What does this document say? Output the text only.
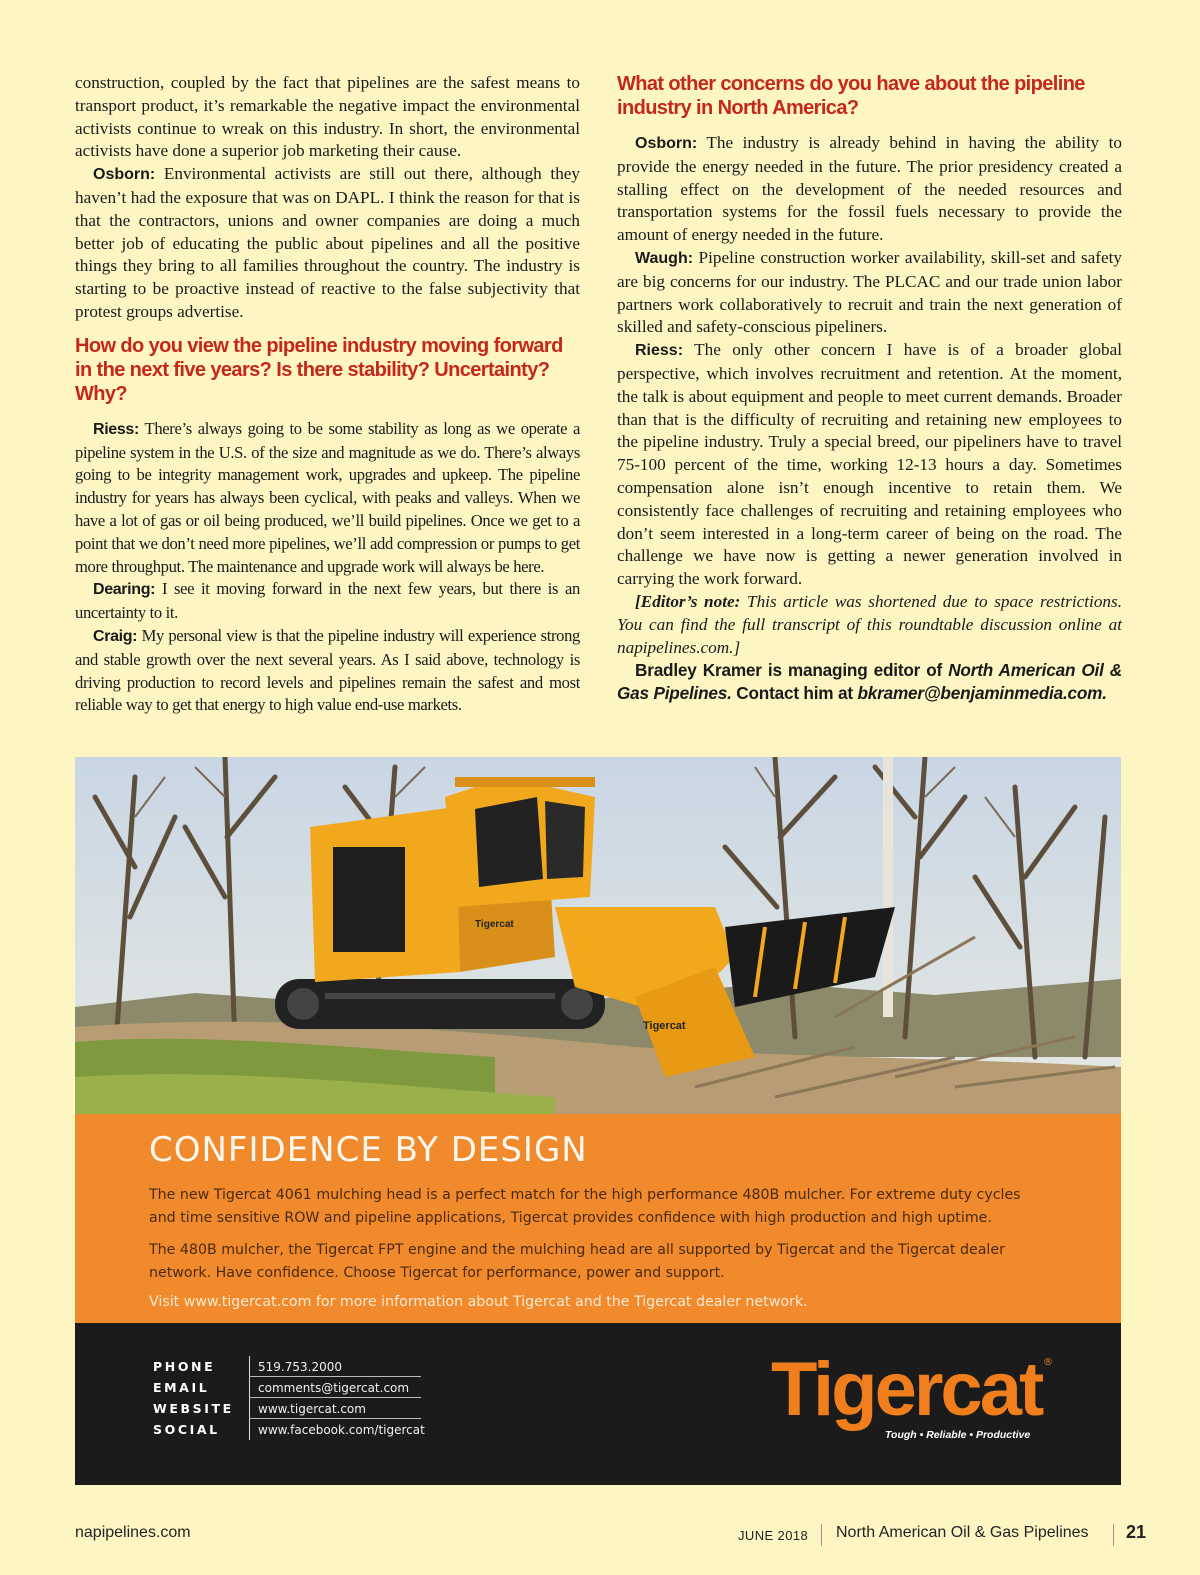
construction, coupled by the fact that pipelines are the safest means to transport product, it’s remarkable the negative impact the environmental activists continue to wreak on this industry. In short, the environmental activists have done a superior job marketing their cause.

Osborn: Environmental activists are still out there, although they haven’t had the exposure that was on DAPL. I think the reason for that is that the contractors, unions and owner companies are doing a much better job of educating the public about pipelines and all the positive things they bring to all families throughout the country. The industry is starting to be proactive instead of reactive to the false subjectivity that protest groups advertise.

How do you view the pipeline industry moving forward in the next five years? Is there stability? Uncertainty? Why?

Riess: There’s always going to be some stability as long as we operate a pipeline system in the U.S. of the size and magnitude as we do. There’s always going to be integrity management work, upgrades and upkeep. The pipeline industry for years has always been cyclical, with peaks and valleys. When we have a lot of gas or oil being produced, we’ll build pipelines. Once we get to a point that we don’t need more pipelines, we’ll add compression or pumps to get more throughput. The maintenance and upgrade work will always be here.

Dearing: I see it moving forward in the next few years, but there is an uncertainty to it.

Craig: My personal view is that the pipeline industry will experience strong and stable growth over the next several years. As I said above, technology is driving production to record levels and pipelines remain the safest and most reliable way to get that energy to high value end-use markets.

What other concerns do you have about the pipeline industry in North America?

Osborn: The industry is already behind in having the ability to provide the energy needed in the future. The prior presidency created a stalling effect on the development of the needed resources and transportation systems for the fossil fuels necessary to provide the amount of energy needed in the future.

Waugh: Pipeline construction worker availability, skill-set and safety are big concerns for our industry. The PLCAC and our trade union labor partners work collaboratively to recruit and train the next generation of skilled and safety-conscious pipeliners.

Riess: The only other concern I have is of a broader global perspective, which involves recruitment and retention. At the moment, the talk is about equipment and people to meet current demands. Broader than that is the difficulty of recruiting and retaining new employees to the pipeline industry. Truly a special breed, our pipeliners have to travel 75-100 percent of the time, working 12-13 hours a day. Sometimes compensation alone isn’t enough incentive to retain them. We consistently face challenges of recruiting and retaining employees who don’t seem interested in a long-term career of being on the road. The challenge we have now is getting a newer generation involved in carrying the work forward.

[Editor’s note: This article was shortened due to space restrictions. You can find the full transcript of this roundtable discussion online at napipelines.com.]

Bradley Kramer is managing editor of North American Oil & Gas Pipelines. Contact him at bkramer@benjaminmedia.com.

Tigercat
Tigercat
CONFIDENCE BY DESIGN
The new Tigercat 4061 mulching head is a perfect match for the high performance 480B mulcher. For extreme duty cycles and time sensitive ROW and pipeline applications, Tigercat provides confidence with high production and high uptime.
The 480B mulcher, the Tigercat FPT engine and the mulching head are all supported by Tigercat and the Tigercat dealer network. Have confidence. Choose Tigercat for performance, power and support.
Visit www.tigercat.com for more information about Tigercat and the Tigercat dealer network.
PHONE	519.753.2000
EMAIL	comments@tigercat.com
WEBSITE	www.tigercat.com
SOCIAL	www.facebook.com/tigercat	Tigercat ®
Tough • Reliable • Productive
napipelines.com	JUNE 2018 North American Oil & Gas Pipelines 21
